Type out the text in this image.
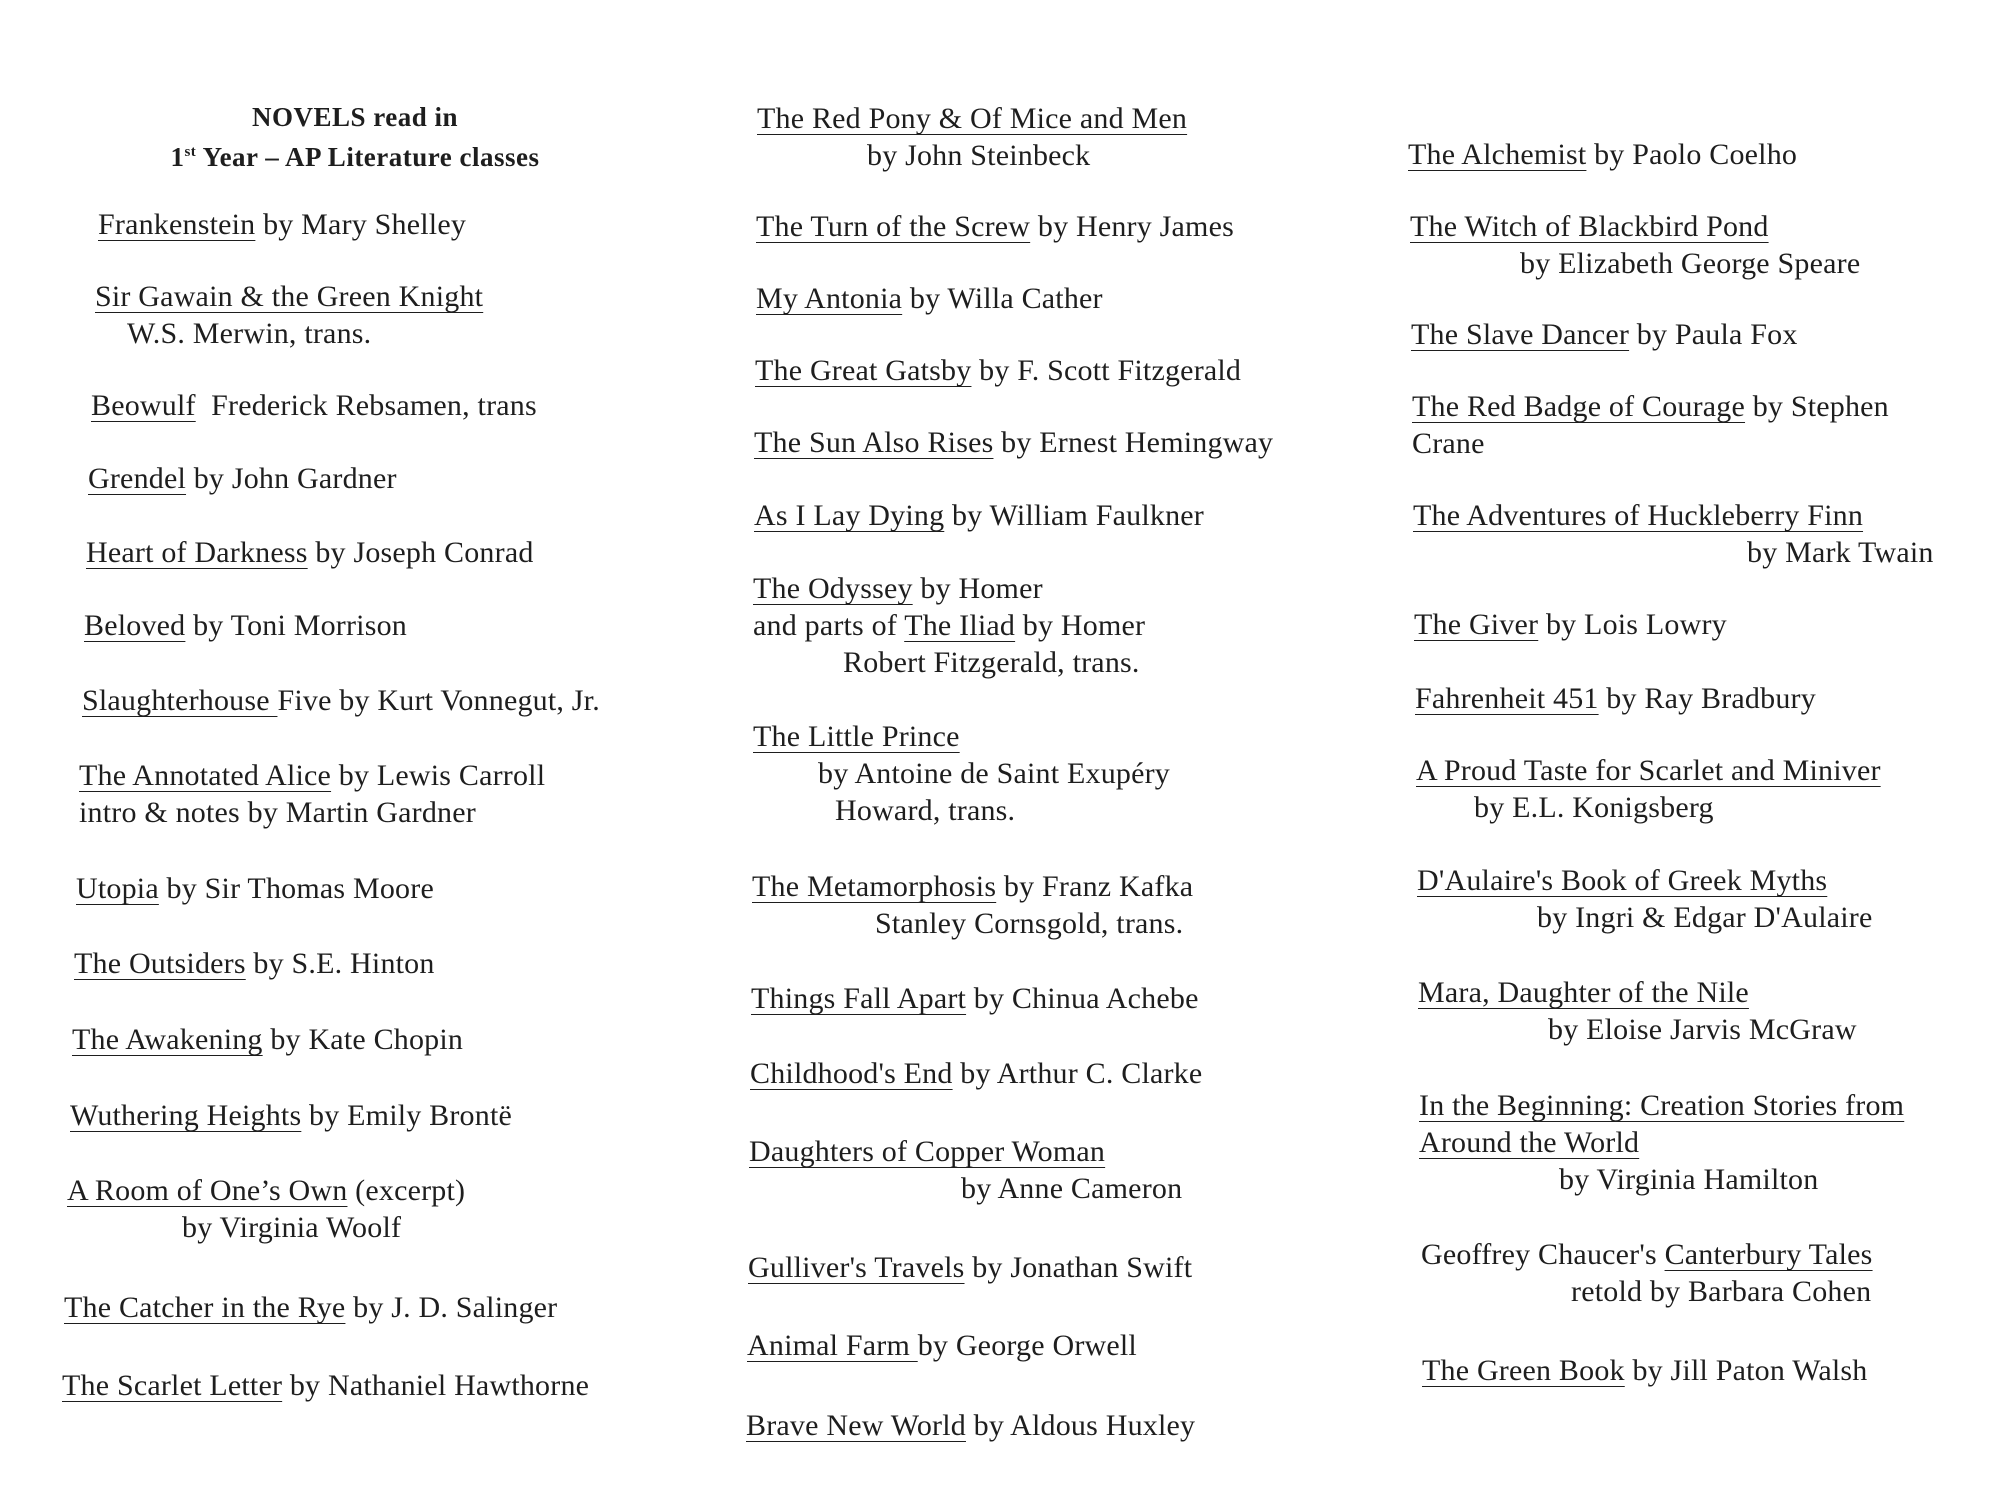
NOVELS read in
1st Year – AP Literature classes
Frankenstein by Mary Shelley
Sir Gawain & the Green Knight
W.S. Merwin, trans.
Beowulf  Frederick Rebsamen, trans
Grendel by John Gardner
Heart of Darkness by Joseph Conrad
Beloved by Toni Morrison
Slaughterhouse Five by Kurt Vonnegut, Jr.
The Annotated Alice by Lewis Carroll
intro & notes by Martin Gardner
Utopia by Sir Thomas Moore
The Outsiders by S.E. Hinton
The Awakening by Kate Chopin
Wuthering Heights by Emily Brontë
A Room of One’s Own (excerpt)
by Virginia Woolf
The Catcher in the Rye by J. D. Salinger
The Scarlet Letter by Nathaniel Hawthorne
The Red Pony & Of Mice and Men
by John Steinbeck
The Turn of the Screw by Henry James
My Antonia by Willa Cather
The Great Gatsby by F. Scott Fitzgerald
The Sun Also Rises by Ernest Hemingway
As I Lay Dying by William Faulkner
The Odyssey by Homer
and parts of The Iliad by Homer
Robert Fitzgerald, trans.
The Little Prince
by Antoine de Saint Exupéry
Howard, trans.
The Metamorphosis by Franz Kafka
Stanley Cornsgold, trans.
Things Fall Apart by Chinua Achebe
Childhood's End by Arthur C. Clarke
Daughters of Copper Woman
by Anne Cameron
Gulliver's Travels by Jonathan Swift
Animal Farm by George Orwell
Brave New World by Aldous Huxley
The Alchemist by Paolo Coelho
The Witch of Blackbird Pond
by Elizabeth George Speare
The Slave Dancer by Paula Fox
The Red Badge of Courage by Stephen
Crane
The Adventures of Huckleberry Finn
by Mark Twain
The Giver by Lois Lowry
Fahrenheit 451 by Ray Bradbury
A Proud Taste for Scarlet and Miniver
by E.L. Konigsberg
D'Aulaire's Book of Greek Myths
by Ingri & Edgar D'Aulaire
Mara, Daughter of the Nile
by Eloise Jarvis McGraw
In the Beginning: Creation Stories from
Around the World
by Virginia Hamilton
Geoffrey Chaucer's Canterbury Tales
retold by Barbara Cohen
The Green Book by Jill Paton Walsh
